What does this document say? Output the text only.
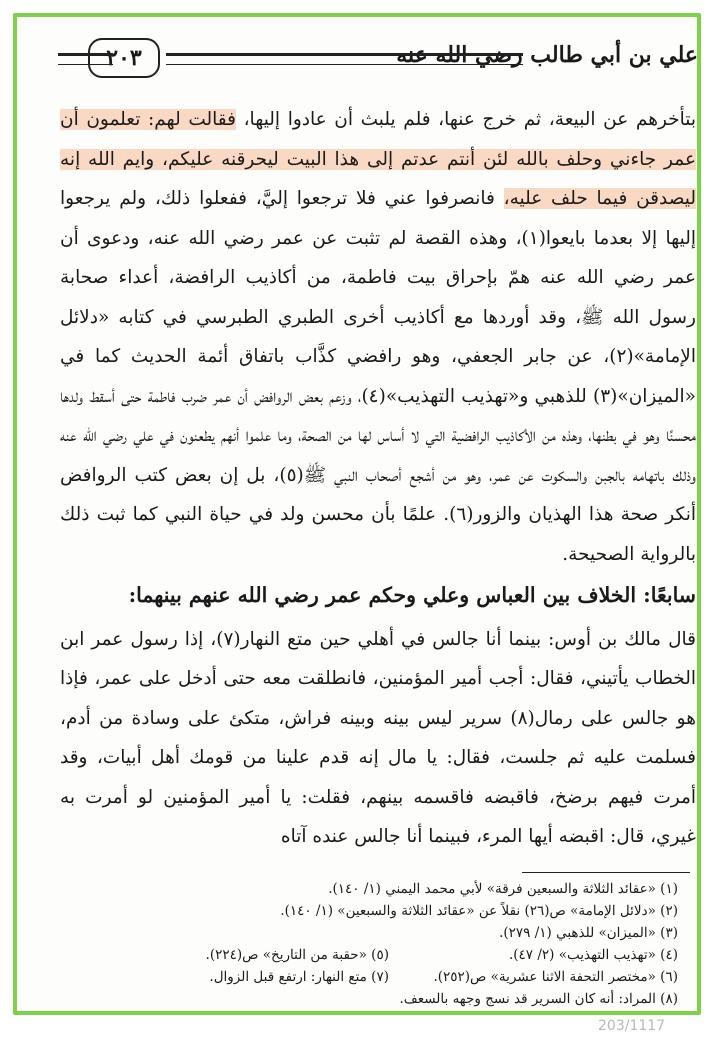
علي بن أبي طالب رضي الله عنه
٢٠٣

بتأخرهم عن البيعة، ثم خرج عنها، فلم يلبث أن عادوا إليها، فقالت لهم: تعلمون أن عمر جاءني وحلف بالله لئن أنتم عدتم إلى هذا البيت ليحرقنه عليكم، وايم الله إنه ليصدقن فيما حلف عليه، فانصرفوا عني فلا ترجعوا إليَّ، ففعلوا ذلك، ولم يرجعوا إليها إلا بعدما بايعوا(١)، وهذه القصة لم تثبت عن عمر رضي الله عنه، ودعوى أن عمر رضي الله عنه همّ بإحراق بيت فاطمة، من أكاذيب الرافضة، أعداء صحابة رسول الله ﷺ، وقد أوردها مع أكاذيب أخرى الطبري الطبرسي في كتابه «دلائل الإمامة»(٢)، عن جابر الجعفي، وهو رافضي كذَّاب باتفاق أئمة الحديث كما في «الميزان»(٣) للذهبي و«تهذيب التهذيب»(٤)، وزعم بعض الروافض أن عمر ضرب فاطمة حتى أسقط ولدها محسنًا وهو في بطنها، وهذه من الأكاذيب الرافضية التي لا أساس لها من الصحة، وما علموا أنهم يطعنون في علي رضي الله عنه وذلك باتهامه بالجبن والسكوت عن عمر، وهو من أشجع أصحاب النبي ﷺ(٥)، بل إن بعض كتب الروافض أنكر صحة هذا الهذيان والزور(٦). علمًا بأن محسن ولد في حياة النبي كما ثبت ذلك بالرواية الصحيحة.

سابعًا: الخلاف بين العباس وعلي وحكم عمر رضي الله عنهم بينهما:

قال مالك بن أوس: بينما أنا جالس في أهلي حين متع النهار(٧)، إذا رسول عمر ابن الخطاب يأتيني، فقال: أجب أمير المؤمنين، فانطلقت معه حتى أدخل على عمر، فإذا هو جالس على رمال(٨) سرير ليس بينه وبينه فراش، متكئ على وسادة من أدم، فسلمت عليه ثم جلست، فقال: يا مال إنه قدم علينا من قومك أهل أبيات، وقد أمرت فيهم برضخ، فاقبضه فاقسمه بينهم، فقلت: يا أمير المؤمنين لو أمرت به غيري، قال: اقبضه أيها المرء، فبينما أنا جالس عنده آتاه

(١) «عقائد الثلاثة والسبعين فرقة» لأبي محمد اليمني (١/ ١٤٠).
(٢) «دلائل الإمامة» ص(٢٦) نقلاً عن «عقائد الثلاثة والسبعين» (١/ ١٤٠).
(٣) «الميزان» للذهبي (١/ ٢٧٩).
(٤) «تهذيب التهذيب» (٢/ ٤٧).
(٥) «حقبة من التاريخ» ص(٢٢٤).
(٦) «مختصر التحفة الاثنا عشرية» ص(٢٥٢).
(٧) متع النهار: ارتفع قبل الزوال.
(٨) المراد: أنه كان السرير قد نسج وجهه بالسعف.
203/1117
